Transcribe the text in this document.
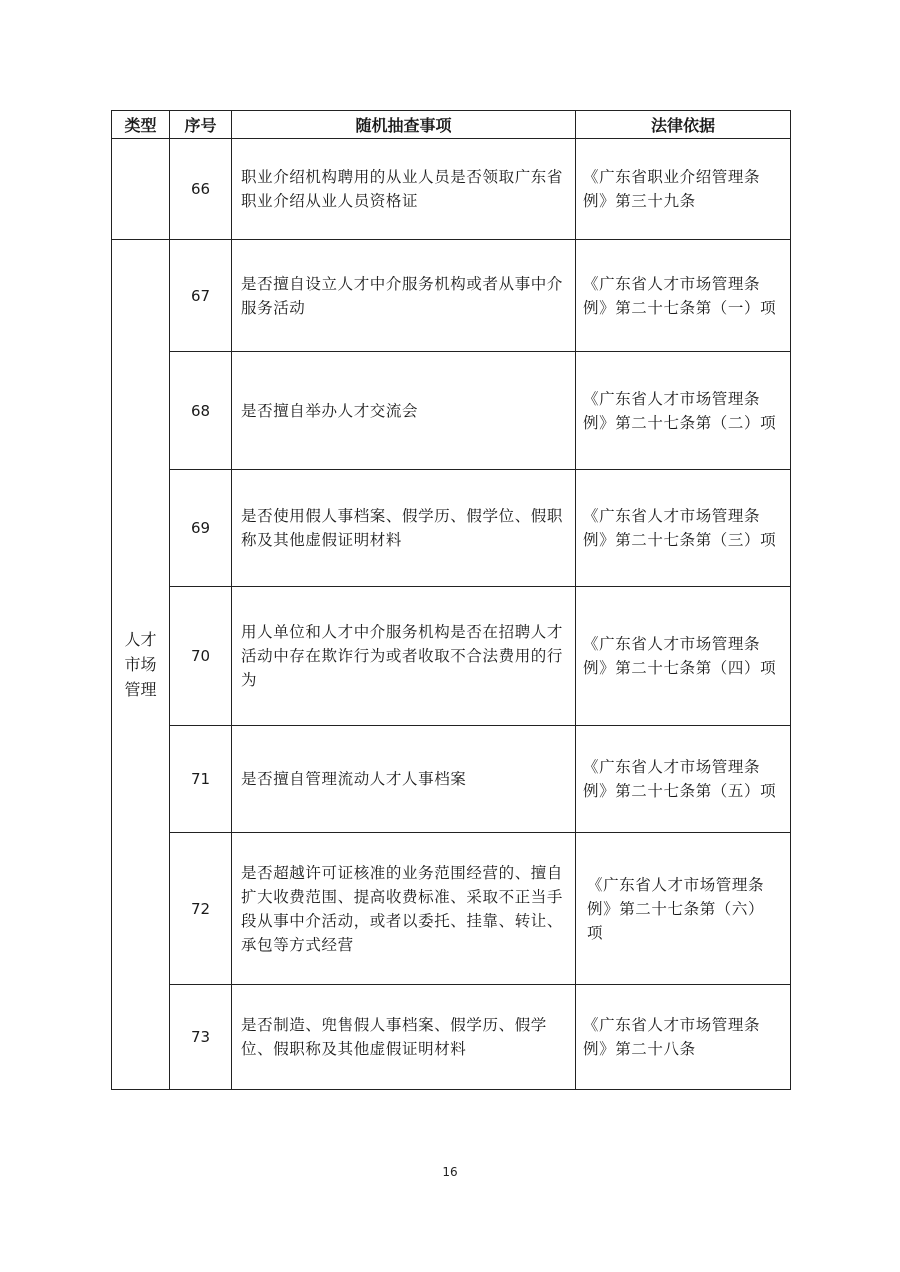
类型	序号	随机抽查事项	法律依据
	66	职业介绍机构聘用的从业人员是否领取广东省职业介绍从业人员资格证	《广东省职业介绍管理条例》第三十九条
人才市场管理	67	是否擅自设立人才中介服务机构或者从事中介服务活动	《广东省人才市场管理条例》第二十七条第（一）项
	68	是否擅自举办人才交流会	《广东省人才市场管理条例》第二十七条第（二）项
	69	是否使用假人事档案、假学历、假学位、假职称及其他虚假证明材料	《广东省人才市场管理条例》第二十七条第（三）项
	70	用人单位和人才中介服务机构是否在招聘人才活动中存在欺诈行为或者收取不合法费用的行为	《广东省人才市场管理条例》第二十七条第（四）项
	71	是否擅自管理流动人才人事档案	《广东省人才市场管理条例》第二十七条第（五）项
	72	是否超越许可证核准的业务范围经营的、擅自扩大收费范围、提高收费标准、采取不正当手段从事中介活动，或者以委托、挂靠、转让、承包等方式经营	《广东省人才市场管理条例》第二十七条第（六）项
	73	是否制造、兜售假人事档案、假学历、假学位、假职称及其他虚假证明材料	《广东省人才市场管理条例》第二十八条
16
